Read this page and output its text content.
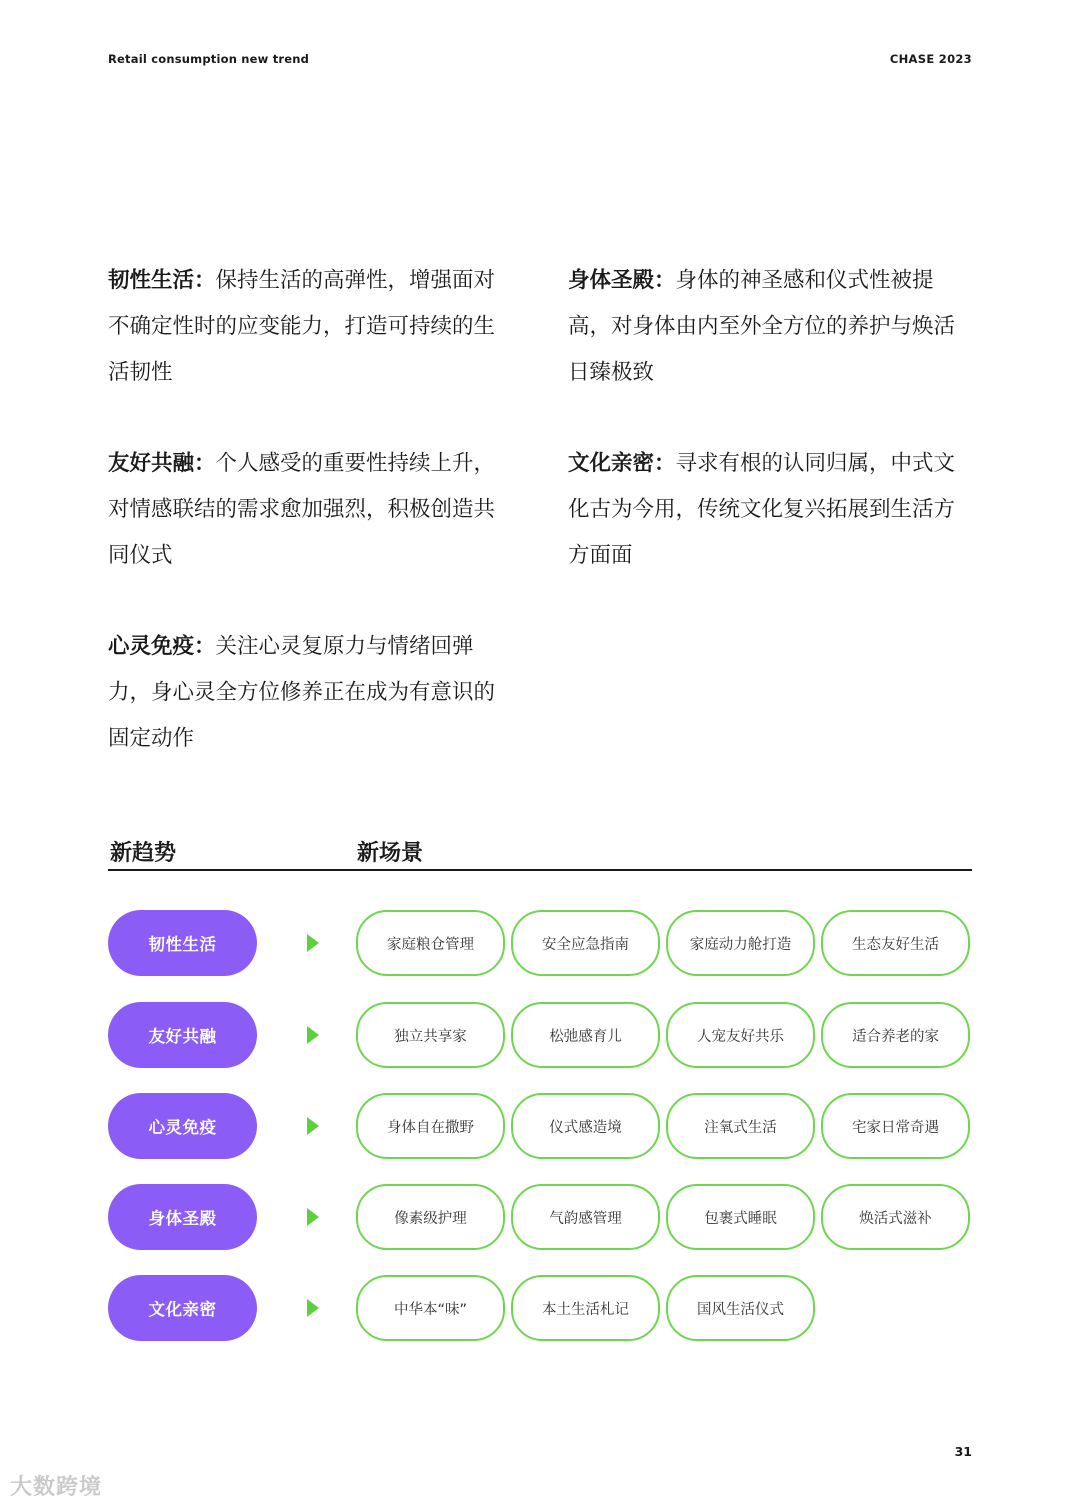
Retail consumption new trend	CHASE 2023
韧性生活：保持生活的高弹性，增强面对不确定性时的应变能力，打造可持续的生活韧性
身体圣殿：身体的神圣感和仪式性被提高，对身体由内至外全方位的养护与焕活日臻极致
友好共融：个人感受的重要性持续上升，对情感联结的需求愈加强烈，积极创造共同仪式
文化亲密：寻求有根的认同归属，中式文化古为今用，传统文化复兴拓展到生活方方面面
心灵免疫：关注心灵复原力与情绪回弹力，身心灵全方位修养正在成为有意识的固定动作
新趋势	新场景
韧性生活	家庭粮仓管理	安全应急指南	家庭动力舱打造	生态友好生活
友好共融	独立共享家	松弛感育儿	人宠友好共乐	适合养老的家
心灵免疫	身体自在撒野	仪式感造境	注氧式生活	宅家日常奇遇
身体圣殿	像素级护理	气韵感管理	包裹式睡眠	焕活式滋补
文化亲密	中华本“味”	本土生活札记	国风生活仪式
31
大数跨境
